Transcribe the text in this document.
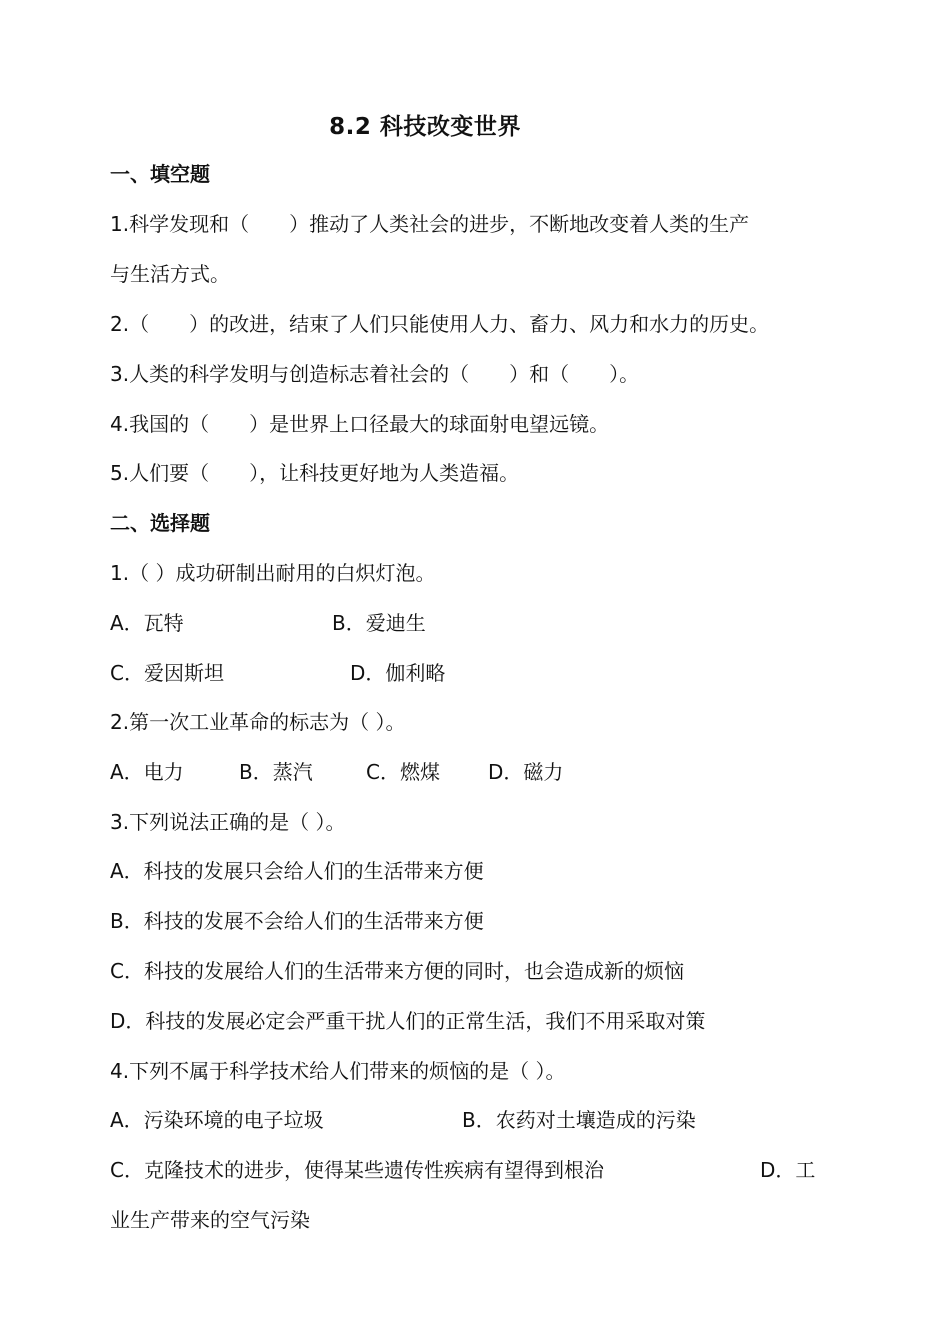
8.2 科技改变世界
一、填空题
1.科学发现和（　　）推动了人类社会的进步，不断地改变着人类的生产
与生活方式。
2.（　　）的改进，结束了人们只能使用人力、畜力、风力和水力的历史。
3.人类的科学发明与创造标志着社会的（　　）和（　　）。
4.我国的（　　）是世界上口径最大的球面射电望远镜。
5.人们要（　　），让科技更好地为人类造福。
二、选择题
1.（ ）成功研制出耐用的白炽灯泡。
A．瓦特	B．爱迪生
C．爱因斯坦	D．伽利略
2.第一次工业革命的标志为（ ）。
A．电力	B．蒸汽	C．燃煤 D．磁力
3.下列说法正确的是（ ）。
A．科技的发展只会给人们的生活带来方便
B．科技的发展不会给人们的生活带来方便
C．科技的发展给人们的生活带来方便的同时，也会造成新的烦恼
D．科技的发展必定会严重干扰人们的正常生活，我们不用采取对策
4.下列不属于科学技术给人们带来的烦恼的是（ ）。
A．污染环境的电子垃圾	B．农药对土壤造成的污染
C．克隆技术的进步，使得某些遗传性疾病有望得到根治	D．工
业生产带来的空气污染
